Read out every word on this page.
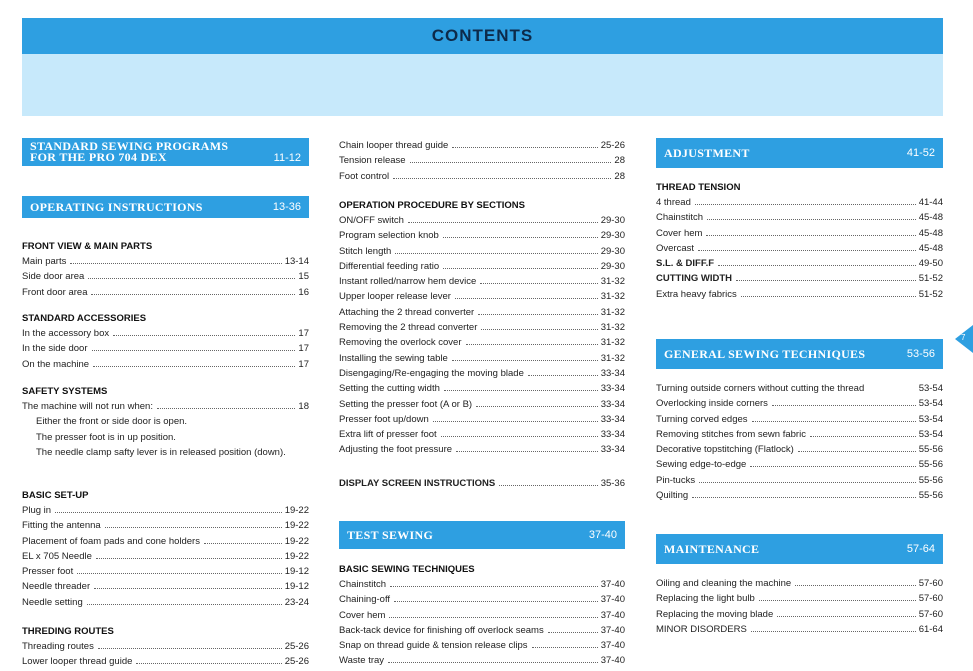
CONTENTS
7
STANDARD SEWING PROGRAMS FOR THE PRO 704 DEX	11-12
OPERATING INSTRUCTIONS	13-36
FRONT VIEW & MAIN PARTS
Main parts	13-14
Side door area	15
Front door area	16
STANDARD ACCESSORIES
In the accessory box	17
In the side door	17
On the machine	17
SAFETY SYSTEMS
The machine will not run when:	18
Either the front or side door is open.
The presser foot is in up position.
The needle clamp safty lever is in released position (down).
BASIC SET-UP
Plug in	19-22
Fitting the antenna	19-22
Placement of foam pads and cone holders	19-22
EL x 705 Needle	19-22
Presser foot	19-12
Needle threader	19-12
Needle setting	23-24
THREDING ROUTES
Threading routes	25-26
Lower looper thread guide	25-26
Chain looper thread guide	25-26
Tension release	28
Foot control	28
OPERATION PROCEDURE BY SECTIONS
ON/OFF switch	29-30
Program selection knob	29-30
Stitch length	29-30
Differential feeding ratio	29-30
Instant rolled/narrow hem device	31-32
Upper looper release lever	31-32
Attaching the 2 thread converter	31-32
Removing the 2 thread converter	31-32
Removing the overlock cover	31-32
Installing the sewing table	31-32
Disengaging/Re-engaging the moving blade	33-34
Setting the cutting width	33-34
Setting the presser foot (A or B)	33-34
Presser foot up/down	33-34
Extra lift of presser foot	33-34
Adjusting the foot pressure	33-34
DISPLAY SCREEN INSTRUCTIONS	35-36
TEST SEWING	37-40
BASIC SEWING TECHNIQUES
Chainstitch	37-40
Chaining-off	37-40
Cover hem	37-40
Back-tack device for finishing off overlock seams	37-40
Snap on thread guide & tension release clips	37-40
Waste tray	37-40
ADJUSTMENT	41-52
THREAD TENSION
4 thread	41-44
Chainstitch	45-48
Cover hem	45-48
Overcast	45-48
S.L. & DIFF.F	49-50
CUTTING WIDTH	51-52
Extra heavy fabrics	51-52
GENERAL SEWING TECHNIQUES	53-56
Turning outside corners without cutting the thread	53-54
Overlocking inside corners	53-54
Turning corved edges	53-54
Removing stitches from sewn fabric	53-54
Decorative topstitching (Flatlock)	55-56
Sewing edge-to-edge	55-56
Pin-tucks	55-56
Quilting	55-56
MAINTENANCE	57-64
Oiling and cleaning the machine	57-60
Replacing the light bulb	57-60
Replacing the moving blade	57-60
MINOR DISORDERS	61-64
